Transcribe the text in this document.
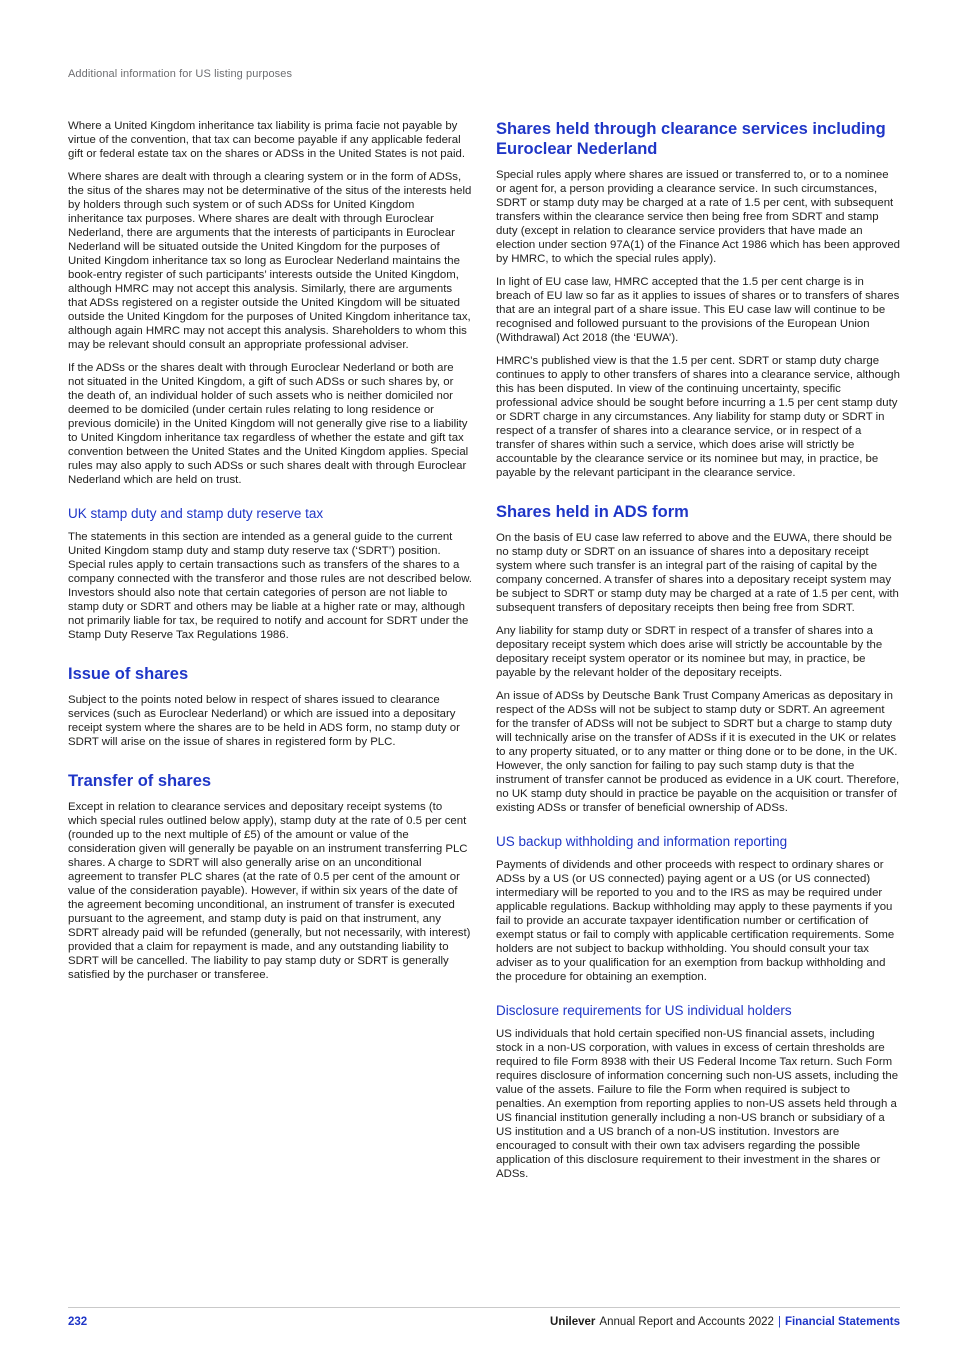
Additional information for US listing purposes

Where a United Kingdom inheritance tax liability is prima facie not payable by virtue of the convention, that tax can become payable if any applicable federal gift or federal estate tax on the shares or ADSs in the United States is not paid.

Where shares are dealt with through a clearing system or in the form of ADSs, the situs of the shares may not be determinative of the situs of the interests held by holders through such system or of such ADSs for United Kingdom inheritance tax purposes. Where shares are dealt with through Euroclear Nederland, there are arguments that the interests of participants in Euroclear Nederland will be situated outside the United Kingdom for the purposes of United Kingdom inheritance tax so long as Euroclear Nederland maintains the book-entry register of such participants’ interests outside the United Kingdom, although HMRC may not accept this analysis. Similarly, there are arguments that ADSs registered on a register outside the United Kingdom will be situated outside the United Kingdom for the purposes of United Kingdom inheritance tax, although again HMRC may not accept this analysis. Shareholders to whom this may be relevant should consult an appropriate professional adviser.

If the ADSs or the shares dealt with through Euroclear Nederland or both are not situated in the United Kingdom, a gift of such ADSs or such shares by, or the death of, an individual holder of such assets who is neither domiciled nor deemed to be domiciled (under certain rules relating to long residence or previous domicile) in the United Kingdom will not generally give rise to a liability to United Kingdom inheritance tax regardless of whether the estate and gift tax convention between the United States and the United Kingdom applies. Special rules may also apply to such ADSs or such shares dealt with through Euroclear Nederland which are held on trust.

UK stamp duty and stamp duty reserve tax

The statements in this section are intended as a general guide to the current United Kingdom stamp duty and stamp duty reserve tax (‘SDRT’) position. Special rules apply to certain transactions such as transfers of the shares to a company connected with the transferor and those rules are not described below. Investors should also note that certain categories of person are not liable to stamp duty or SDRT and others may be liable at a higher rate or may, although not primarily liable for tax, be required to notify and account for SDRT under the Stamp Duty Reserve Tax Regulations 1986.

Issue of shares

Subject to the points noted below in respect of shares issued to clearance services (such as Euroclear Nederland) or which are issued into a depositary receipt system where the shares are to be held in ADS form, no stamp duty or SDRT will arise on the issue of shares in registered form by PLC.

Transfer of shares

Except in relation to clearance services and depositary receipt systems (to which special rules outlined below apply), stamp duty at the rate of 0.5 per cent (rounded up to the next multiple of £5) of the amount or value of the consideration given will generally be payable on an instrument transferring PLC shares. A charge to SDRT will also generally arise on an unconditional agreement to transfer PLC shares (at the rate of 0.5 per cent of the amount or value of the consideration payable). However, if within six years of the date of the agreement becoming unconditional, an instrument of transfer is executed pursuant to the agreement, and stamp duty is paid on that instrument, any SDRT already paid will be refunded (generally, but not necessarily, with interest) provided that a claim for repayment is made, and any outstanding liability to SDRT will be cancelled. The liability to pay stamp duty or SDRT is generally satisfied by the purchaser or transferee.

Shares held through clearance services including Euroclear Nederland

Special rules apply where shares are issued or transferred to, or to a nominee or agent for, a person providing a clearance service. In such circumstances, SDRT or stamp duty may be charged at a rate of 1.5 per cent, with subsequent transfers within the clearance service then being free from SDRT and stamp duty (except in relation to clearance service providers that have made an election under section 97A(1) of the Finance Act 1986 which has been approved by HMRC, to which the special rules apply).

In light of EU case law, HMRC accepted that the 1.5 per cent charge is in breach of EU law so far as it applies to issues of shares or to transfers of shares that are an integral part of a share issue. This EU case law will continue to be recognised and followed pursuant to the provisions of the European Union (Withdrawal) Act 2018 (the ‘EUWA’).

HMRC’s published view is that the 1.5 per cent. SDRT or stamp duty charge continues to apply to other transfers of shares into a clearance service, although this has been disputed. In view of the continuing uncertainty, specific professional advice should be sought before incurring a 1.5 per cent stamp duty or SDRT charge in any circumstances. Any liability for stamp duty or SDRT in respect of a transfer of shares into a clearance service, or in respect of a transfer of shares within such a service, which does arise will strictly be accountable by the clearance service or its nominee but may, in practice, be payable by the relevant participant in the clearance service.

Shares held in ADS form

On the basis of EU case law referred to above and the EUWA, there should be no stamp duty or SDRT on an issuance of shares into a depositary receipt system where such transfer is an integral part of the raising of capital by the company concerned. A transfer of shares into a depositary receipt system may be subject to SDRT or stamp duty may be charged at a rate of 1.5 per cent, with subsequent transfers of depositary receipts then being free from SDRT.

Any liability for stamp duty or SDRT in respect of a transfer of shares into a depositary receipt system which does arise will strictly be accountable by the depositary receipt system operator or its nominee but may, in practice, be payable by the relevant holder of the depositary receipts.

An issue of ADSs by Deutsche Bank Trust Company Americas as depositary in respect of the ADSs will not be subject to stamp duty or SDRT. An agreement for the transfer of ADSs will not be subject to SDRT but a charge to stamp duty will technically arise on the transfer of ADSs if it is executed in the UK or relates to any property situated, or to any matter or thing done or to be done, in the UK. However, the only sanction for failing to pay such stamp duty is that the instrument of transfer cannot be produced as evidence in a UK court. Therefore, no UK stamp duty should in practice be payable on the acquisition or transfer of existing ADSs or transfer of beneficial ownership of ADSs.

US backup withholding and information reporting

Payments of dividends and other proceeds with respect to ordinary shares or ADSs by a US (or US connected) paying agent or a US (or US connected) intermediary will be reported to you and to the IRS as may be required under applicable regulations. Backup withholding may apply to these payments if you fail to provide an accurate taxpayer identification number or certification of exempt status or fail to comply with applicable certification requirements. Some holders are not subject to backup withholding. You should consult your tax adviser as to your qualification for an exemption from backup withholding and the procedure for obtaining an exemption.

Disclosure requirements for US individual holders

US individuals that hold certain specified non-US financial assets, including stock in a non-US corporation, with values in excess of certain thresholds are required to file Form 8938 with their US Federal Income Tax return. Such Form requires disclosure of information concerning such non-US assets, including the value of the assets. Failure to file the Form when required is subject to penalties. An exemption from reporting applies to non-US assets held through a US financial institution generally including a non-US branch or subsidiary of a US institution and a US branch of a non-US institution. Investors are encouraged to consult with their own tax advisers regarding the possible application of this disclosure requirement to their investment in the shares or ADSs.

232	Unilever Annual Report and Accounts 2022 | Financial Statements
